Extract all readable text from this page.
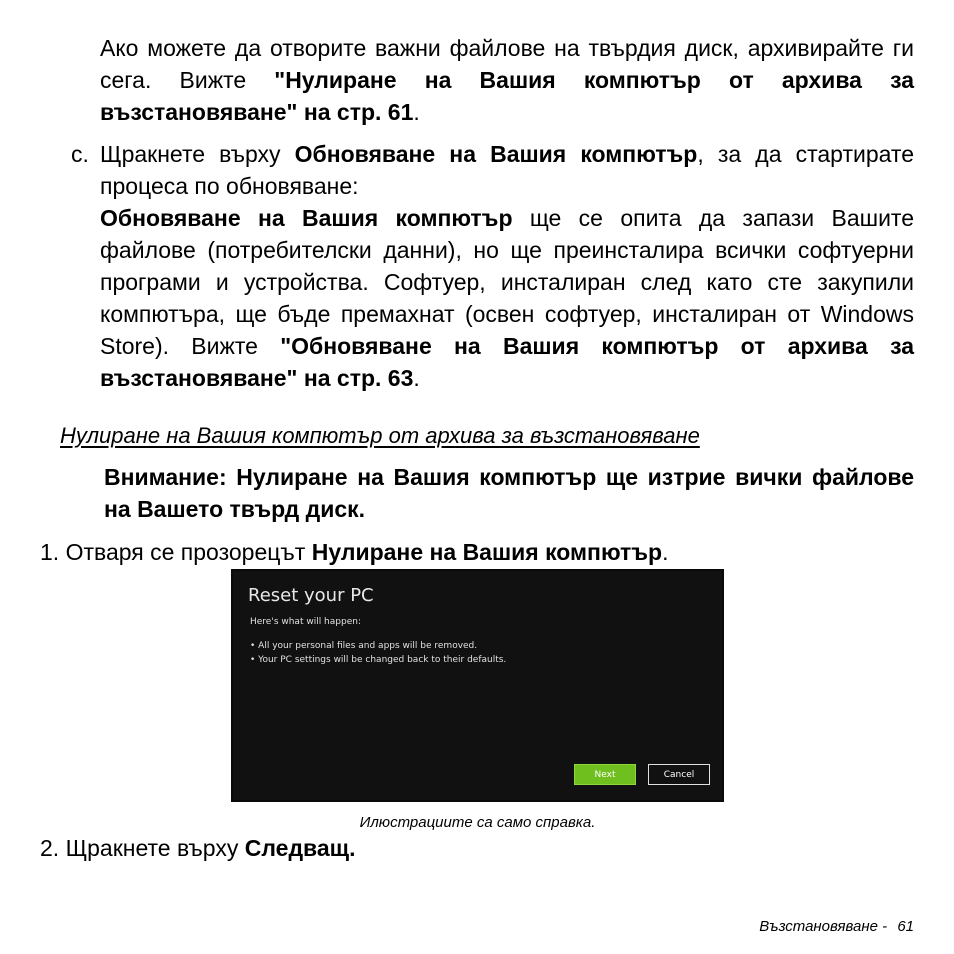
Ако можете да отворите важни файлове на твърдия диск, архивирайте ги сега. Вижте "Нулиране на Вашия компютър от архива за възстановяване" на стр. 61.
c. Щракнете върху Обновяване на Вашия компютър, за да стартирате процеса по обновяване:
Обновяване на Вашия компютър ще се опита да запази Вашите файлове (потребителски данни), но ще преинсталира всички софтуерни програми и устройства. Софтуер, инсталиран след като сте закупили компютъра, ще бъде премахнат (освен софтуер, инсталиран от Windows Store). Вижте "Обновяване на Вашия компютър от архива за възстановяване" на стр. 63.
Нулиране на Вашия компютър от архива за възстановяване
Внимание: Нулиране на Вашия компютър ще изтрие вички файлове на Вашето твърд диск.
1. Отваря се прозорецът Нулиране на Вашия компютър.
Reset your PC
Here's what will happen:
• All your personal files and apps will be removed.
• Your PC settings will be changed back to their defaults.
Next	Cancel
Илюстрациите са само справка.
2. Щракнете върху Следващ.
Възстановяване - 61
